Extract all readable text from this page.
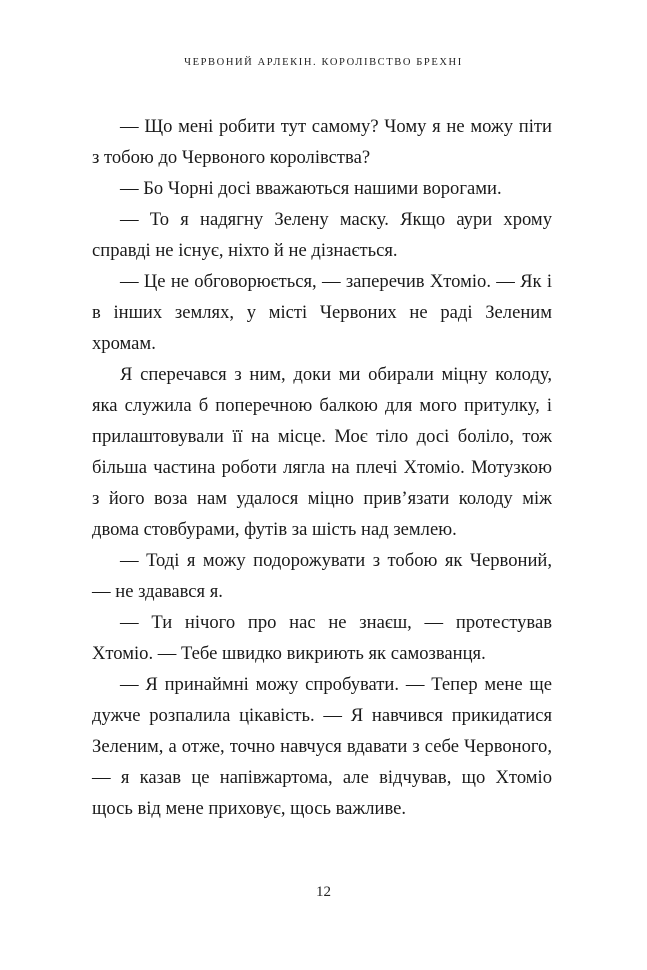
ЧЕРВОНИЙ АРЛЕКІН. КОРОЛІВСТВО БРЕХНІ

— Що мені робити тут самому? Чому я не можу піти з тобою до Червоного королівства?

— Бо Чорні досі вважаються нашими ворогами.

— То я надягну Зелену маску. Якщо аури хрому справді не існує, ніхто й не дізнається.

— Це не обговорюється, — заперечив Хтоміо. — Як і в інших землях, у місті Червоних не раді Зеленим хромам.

Я сперечався з ним, доки ми обирали міцну колоду, яка служила б поперечною балкою для мого притулку, і прилаштовували її на місце. Моє тіло досі боліло, тож більша частина роботи лягла на плечі Хтоміо. Мотузкою з його воза нам удалося міцно прив’язати колоду між двома стовбурами, футів за шість над землею.

— Тоді я можу подорожувати з тобою як Червоний, — не здавався я.

— Ти нічого про нас не знаєш, — протестував Хтоміо. — Тебе швидко викриють як самозванця.

— Я принаймні можу спробувати. — Тепер мене ще дужче розпалила цікавість. — Я навчився прикидатися Зеленим, а отже, точно навчуся вдавати з себе Червоного, — я казав це напівжартома, але відчував, що Хтоміо щось від мене приховує, щось важливе.

12
